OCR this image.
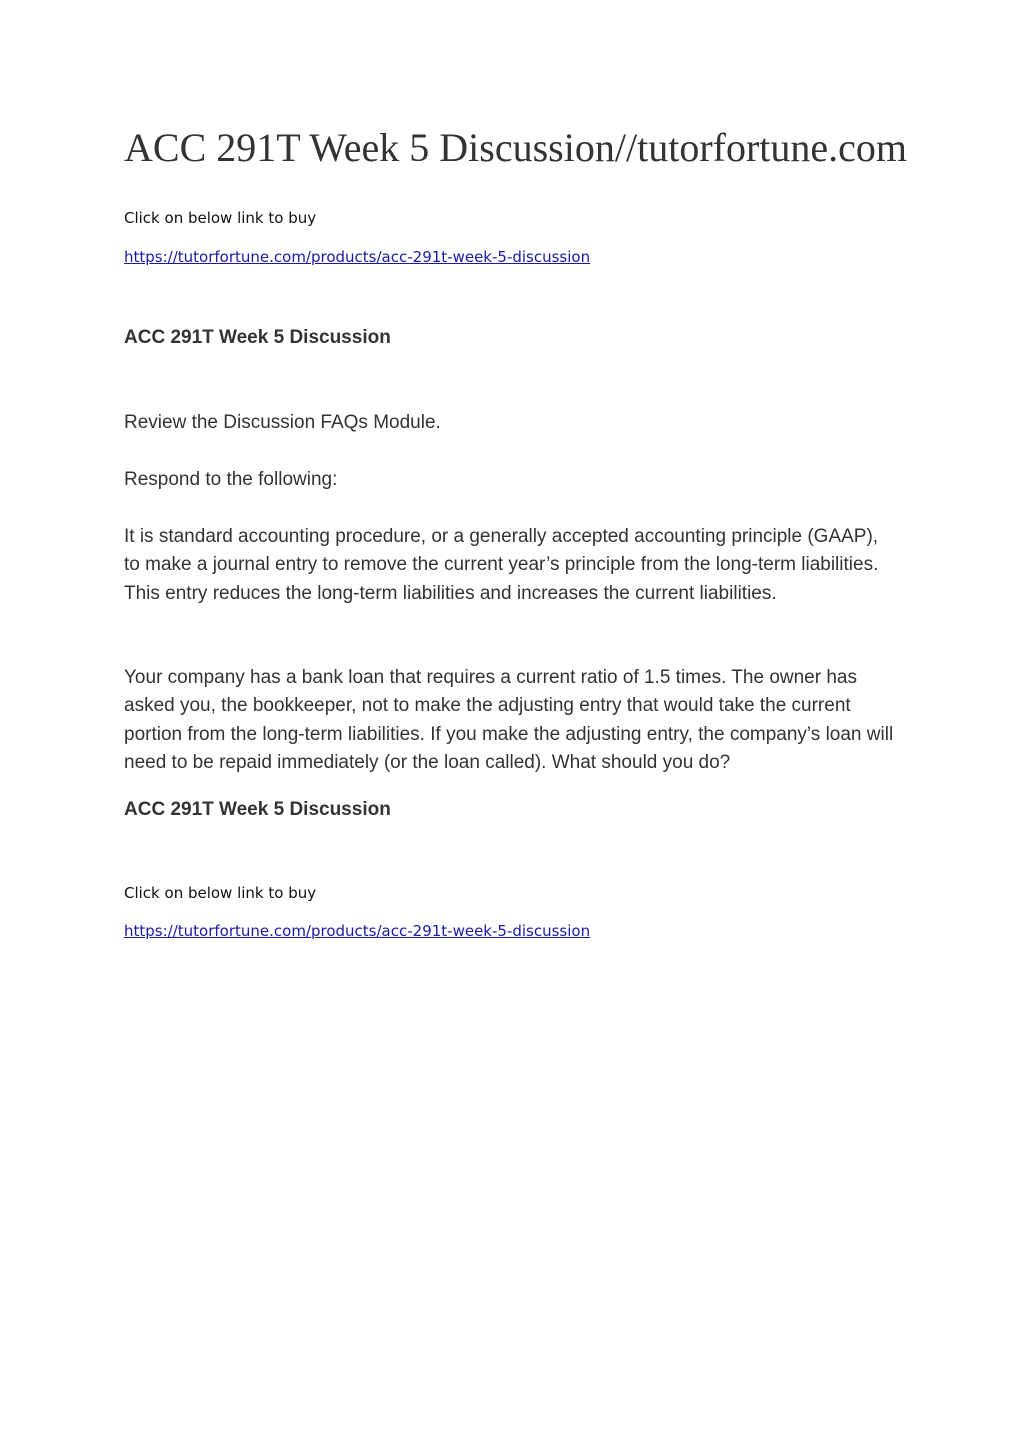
ACC 291T Week 5 Discussion//tutorfortune.com

Click on below link to buy

https://tutorfortune.com/products/acc-291t-week-5-discussion
ACC 291T Week 5 Discussion

Review the Discussion FAQs Module.

Respond to the following:

It is standard accounting procedure, or a generally accepted accounting principle (GAAP), to make a journal entry to remove the current year’s principle from the long-term liabilities. This entry reduces the long-term liabilities and increases the current liabilities.

Your company has a bank loan that requires a current ratio of 1.5 times. The owner has asked you, the bookkeeper, not to make the adjusting entry that would take the current portion from the long-term liabilities. If you make the adjusting entry, the company’s loan will need to be repaid immediately (or the loan called). What should you do?

ACC 291T Week 5 Discussion

Click on below link to buy

https://tutorfortune.com/products/acc-291t-week-5-discussion
